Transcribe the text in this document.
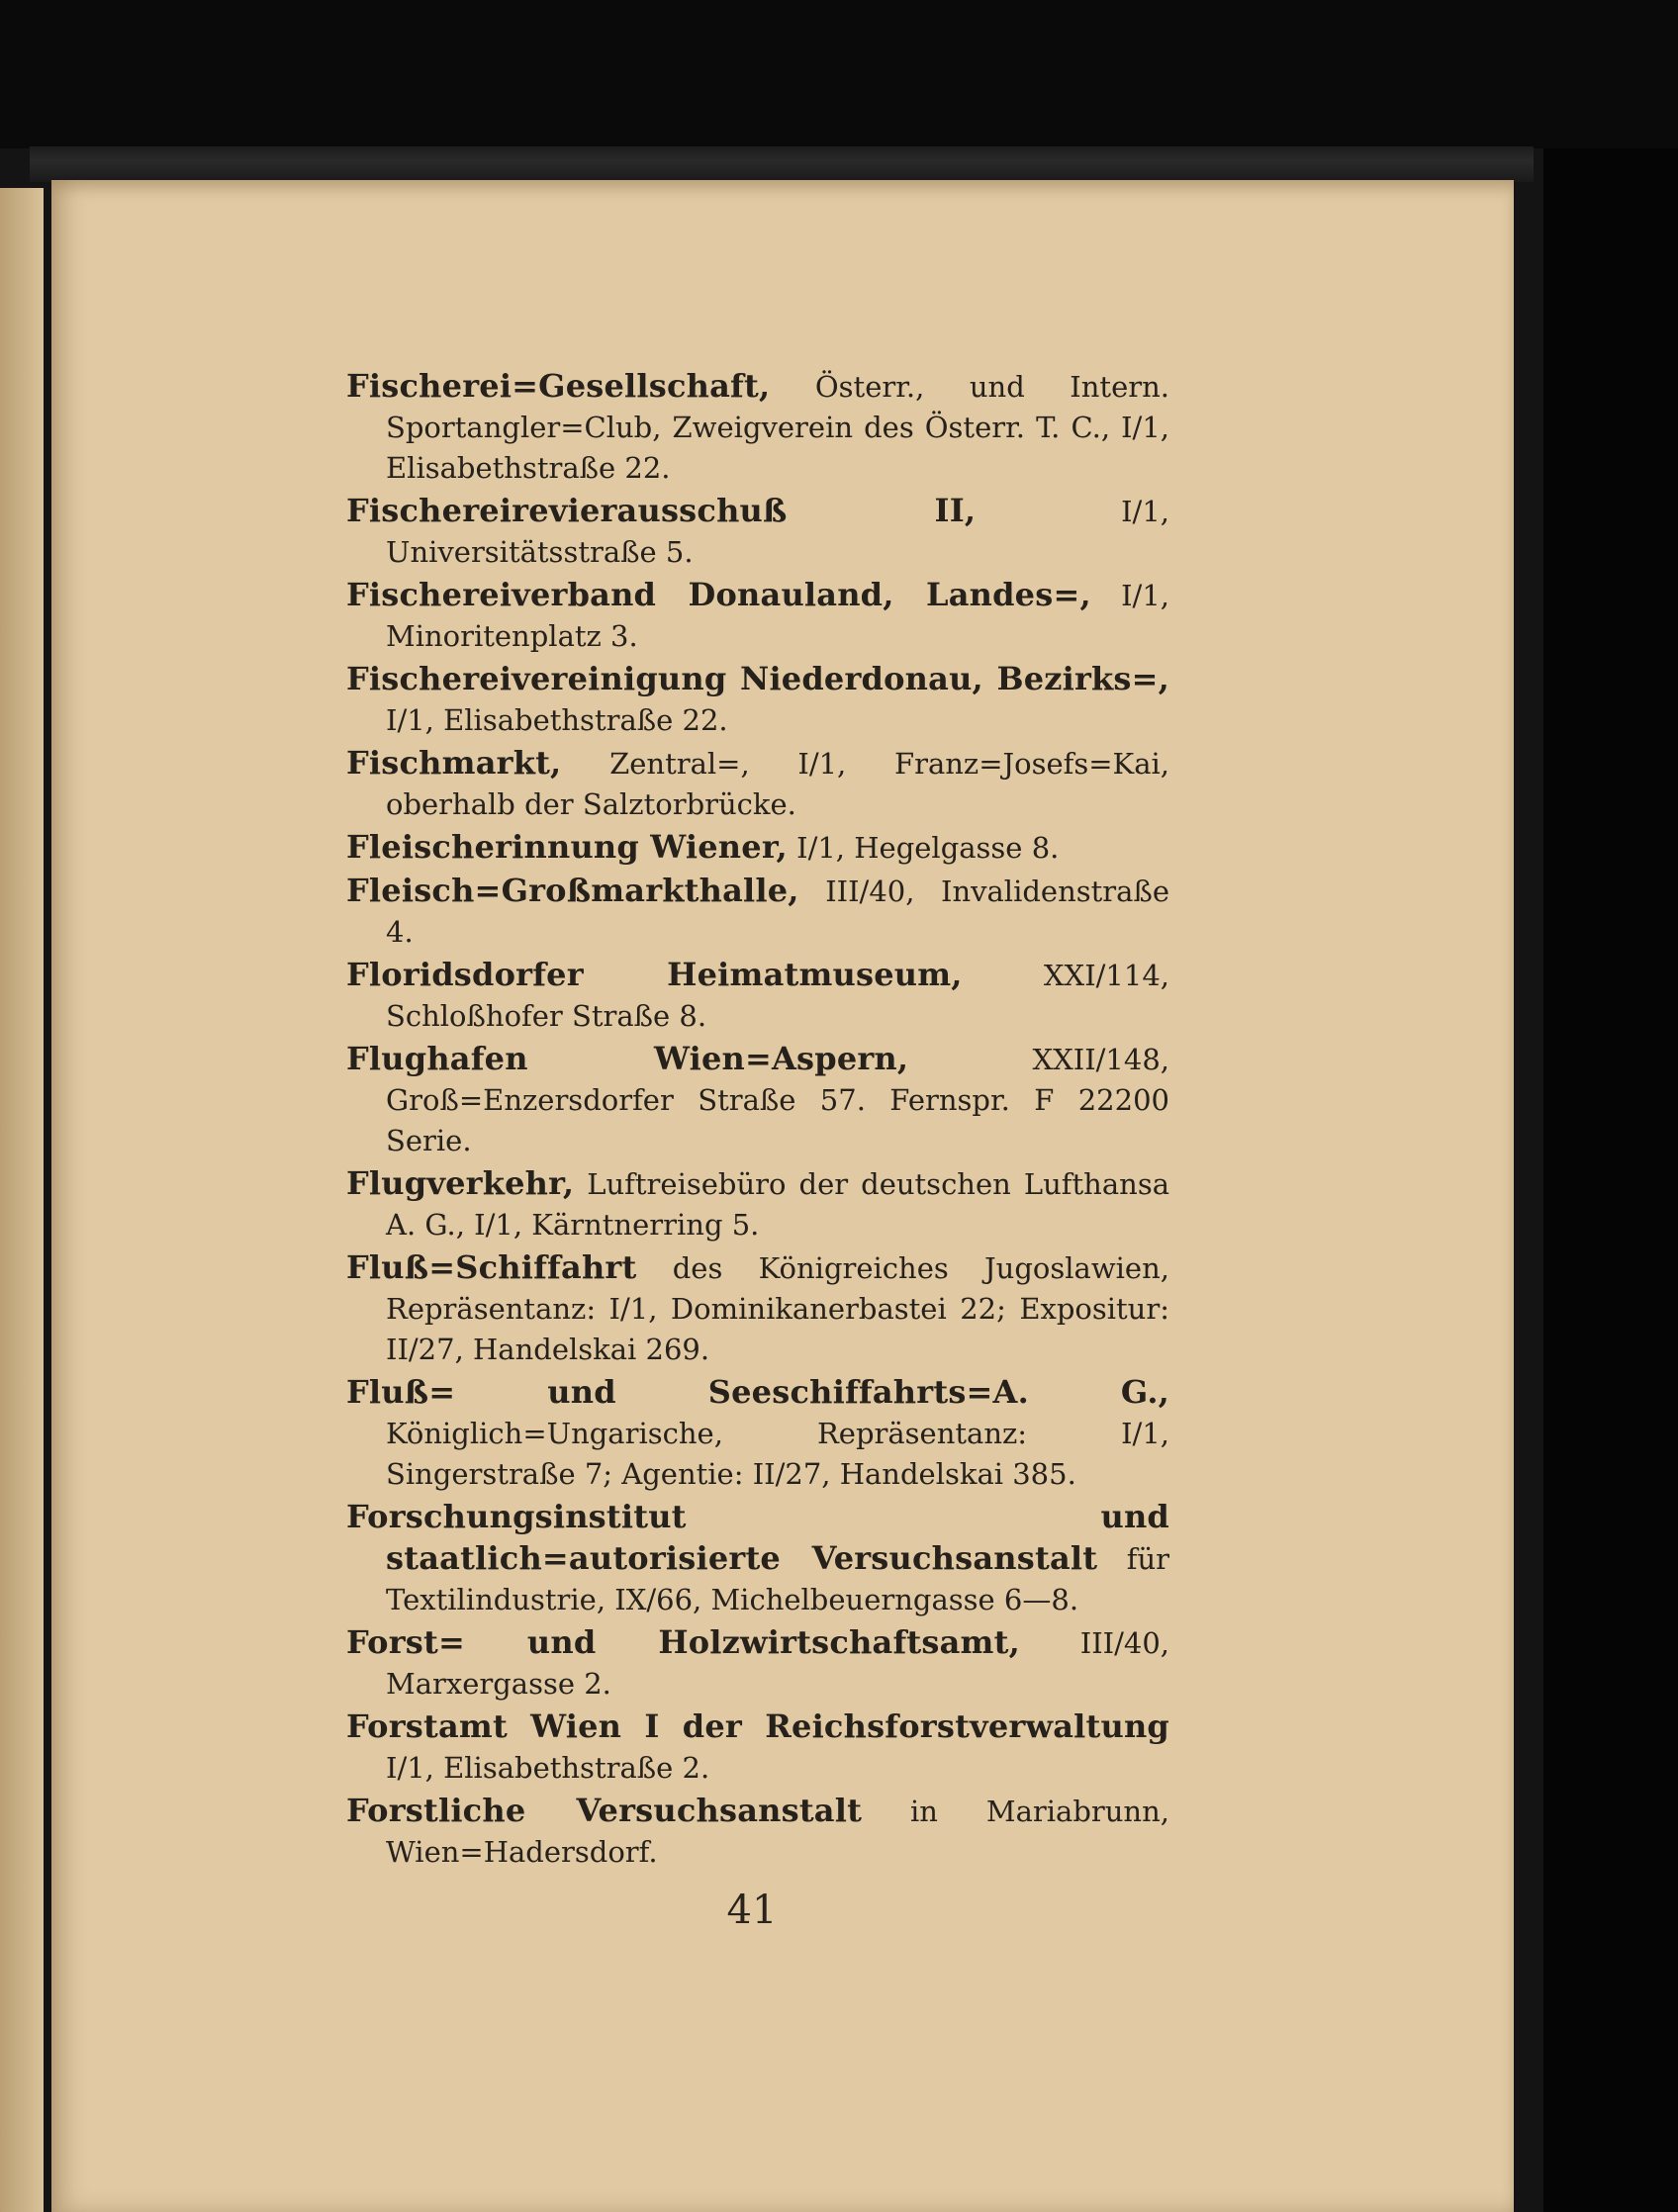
Fischerei=Gesellschaft, Österr., und Intern. Sportangler=Club, Zweigverein des Österr. T. C., I/1, Elisabethstraße 22.

Fischereirevierausschuß II, I/1, Universitätsstraße 5.

Fischereiverband Donauland, Landes=, I/1, Minoritenplatz 3.

Fischereivereinigung Niederdonau, Bezirks=, I/1, Elisabethstraße 22.

Fischmarkt, Zentral=, I/1, Franz=Josefs=Kai, oberhalb der Salztorbrücke.

Fleischerinnung Wiener, I/1, Hegelgasse 8.

Fleisch=Großmarkthalle, III/40, Invalidenstraße 4.

Floridsdorfer Heimatmuseum, XXI/114, Schloßhofer Straße 8.

Flughafen Wien=Aspern, XXII/148, Groß=Enzersdorfer Straße 57. Fernspr. F 22200 Serie.

Flugverkehr, Luftreisebüro der deutschen Lufthansa A. G., I/1, Kärntnerring 5.

Fluß=Schiffahrt des Königreiches Jugoslawien, Repräsentanz: I/1, Dominikanerbastei 22; Expositur: II/27, Handelskai 269.

Fluß= und Seeschiffahrts=A. G., Königlich=Ungarische, Repräsentanz: I/1, Singerstraße 7; Agentie: II/27, Handelskai 385.

Forschungsinstitut und staatlich=autorisierte Versuchsanstalt für Textilindustrie, IX/66, Michelbeuerngasse 6—8.

Forst= und Holzwirtschaftsamt, III/40, Marxergasse 2.

Forstamt Wien I der Reichsforstverwaltung I/1, Elisabethstraße 2.

Forstliche Versuchsanstalt in Mariabrunn, Wien=Hadersdorf.

41
